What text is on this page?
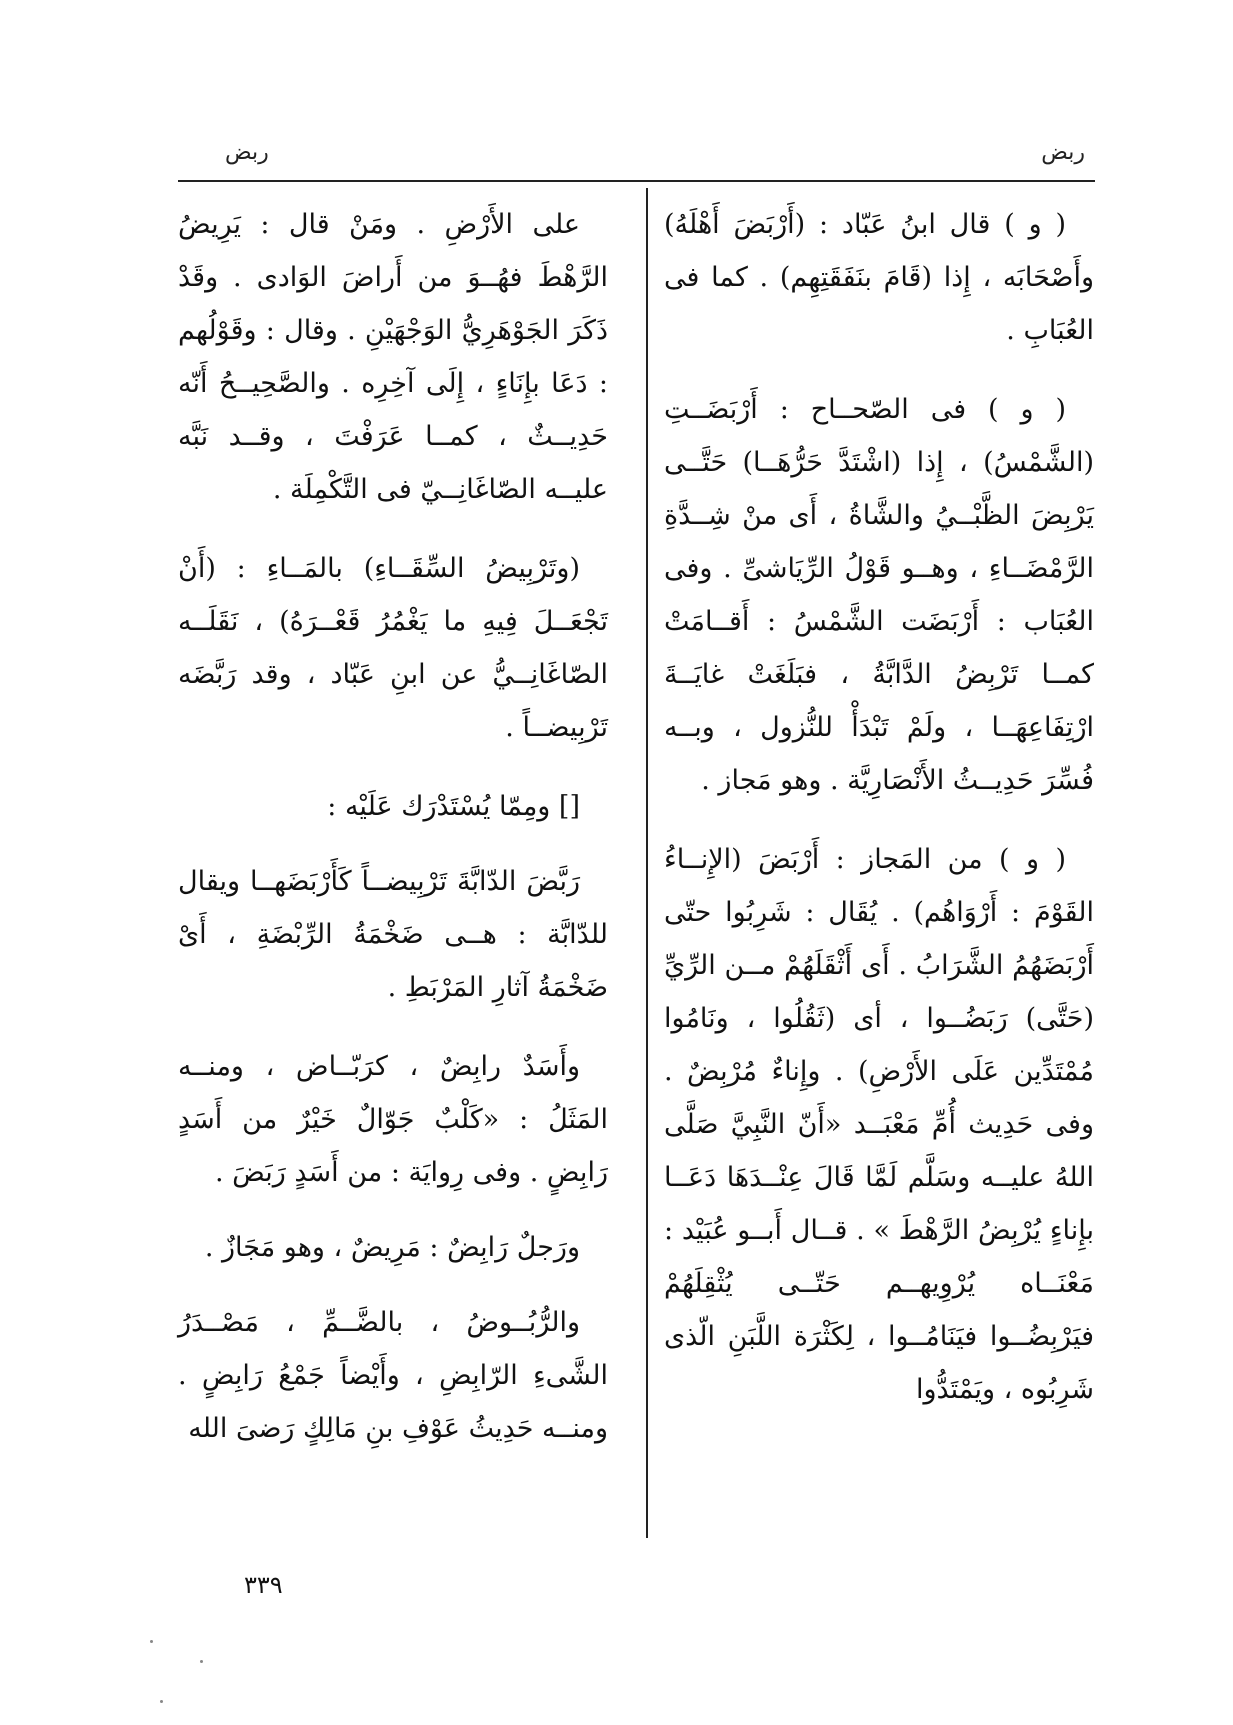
ربض
ربض

( و ) قال ابنُ عَبّاد : (أَرْبَضَ أَهْلَهُ) وأَصْحَابَه ، إِذا (قَامَ بنَفَقَتِهِم) . كما فى العُبَابِ .

( و ) فى الصّحــاح : أَرْبَضَــتِ (الشَّمْسُ) ، إِذا (اشْتَدَّ حَرُّهَــا) حَتَّــى يَرْبِضَ الظَّبْــيُ والشَّاةُ ، أَى منْ شِــدَّةِ الرَّمْضَــاءِ ، وهــو قَوْلُ الرِّيَاشىِّ . وفى العُبَاب : أَرْبَضَت الشَّمْسُ : أَقــامَتْ كمــا تَرْبِضُ الدَّابَّةُ ، فبَلَغَتْ غايَــةَ ارْتِفَاعِهَــا ، ولَمْ تَبْدَأْ للنُّزول ، وبــه فُسِّرَ حَدِيــثُ الأَنْصَارِيَّة . وهو مَجاز .

( و ) من المَجاز : أَرْبَضَ (الإِنــاءُ القَوْمَ : أَرْوَاهُم) . يُقَال : شَرِبُوا حتّى أَرْبَضَهُمُ الشَّرَابُ . أَى أَثْقَلَهُمْ مــن الرِّيِّ (حَتَّى) رَبَضُــوا ، أى (ثَقُلُوا ، ونَامُوا مُمْتَدِّين عَلَى الأَرْضِ) . وإِناءٌ مُرْبِضٌ . وفى حَدِيث أُمِّ مَعْبَــد «أَنّ النَّبِيَّ صَلَّى اللهُ عليــه وسَلَّم لَمَّا قَالَ عِنْــدَهَا دَعَــا بإِناءٍ يُرْبِضُ الرَّهْطَ » . قــال أَبــو عُبَيْد : مَعْنَــاه يُرْوِيهــم حَتّــى يُثْقِلَهُمْ فيَرْبِضُــوا فيَنَامُــوا ، لِكَثْرَة اللَّبَنِ الّذى شَرِبُوه ، ويَمْتَدُّوا

على الأَرْضِ . ومَنْ قال : يَرِيضُ الرَّهْطَ فهُــوَ من أَراضَ الوَادى . وقَدْ ذَكَرَ الجَوْهَرِيُّ الوَجْهَيْنِ . وقال : وقَوْلُهم : دَعَا بإِنَاءٍ ، إِلَى آخِرِه . والصَّحِيــحُ أَنّه حَدِيــثٌ ، كمــا عَرَفْتَ ، وقــد نَبَّه عليــه الصّاغَانِــيّ فى التَّكْمِلَة .

(وتَرْبِيضُ السِّقَــاءِ) بالمَــاءِ : (أَنْ تَجْعَــلَ فِيهِ ما يَغْمُرُ قَعْــرَهُ) ، نَقَلَــه الصّاغَانِــيُّ عن ابنِ عَبّاد ، وقد رَبَّضَه تَرْبِيضــاً .

[] ومِمّا يُسْتَدْرَك عَلَيْه :

رَبَّضَ الدّابَّةَ تَرْبِيضــاً كَأَرْبَضَهــا ويقال للدّابَّة : هــى ضَخْمَةُ الرِّبْضَةِ ، أَىْ ضَخْمَةُ آثارِ المَرْبَطِ .

وأَسَدٌ رابِضٌ ، كرَبّــاض ، ومنــه المَثَلُ : «كَلْبٌ جَوّالٌ خَيْرٌ من أَسَدٍ رَابِضٍ . وفى رِوايَة : من أَسَدٍ رَبَضَ .

ورَجلٌ رَابِضٌ : مَرِيضٌ ، وهو مَجَازٌ .

والرُّبُــوضُ ، بالضَّــمِّ ، مَصْــدَرُ الشَّىءِ الرّابِضِ ، وأَيْضاً جَمْعُ رَابِضٍ . ومنــه حَدِيثُ عَوْفِ بنِ مَالِكٍ رَضىَ الله

٣٣٩
